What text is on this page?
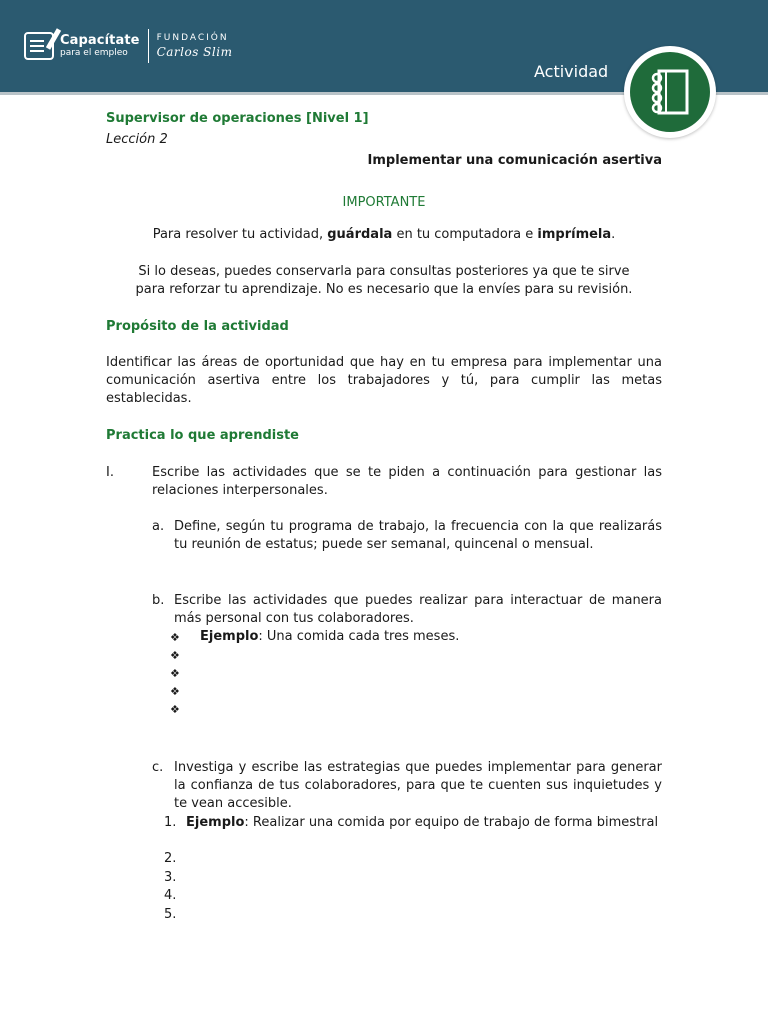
Capacítate
para el empleo
FUNDACIÓN
Carlos Slim
Actividad
Supervisor de operaciones [Nivel 1]
Lección 2
Implementar una comunicación asertiva
IMPORTANTE
Para resolver tu actividad, guárdala en tu computadora e imprímela.
Si lo deseas, puedes conservarla para consultas posteriores ya que te sirve
para reforzar tu aprendizaje. No es necesario que la envíes para su revisión.
Propósito de la actividad
Identificar las áreas de oportunidad que hay en tu empresa para implementar una comunicación asertiva entre los trabajadores y tú, para cumplir las metas establecidas.
Practica lo que aprendiste
I.	Escribe las actividades que se te piden a continuación para gestionar las relaciones interpersonales.
a. Define, según tu programa de trabajo, la frecuencia con la que realizarás tu reunión de estatus; puede ser semanal, quincenal o mensual.
b. Escribe las actividades que puedes realizar para interactuar de manera más personal con tus colaboradores.
❖ Ejemplo: Una comida cada tres meses.
❖
❖
❖
❖
c. Investiga y escribe las estrategias que puedes implementar para generar la confianza de tus colaboradores, para que te cuenten sus inquietudes y te vean accesible.
1. Ejemplo: Realizar una comida por equipo de trabajo de forma bimestral
2.
3.
4.
5.
